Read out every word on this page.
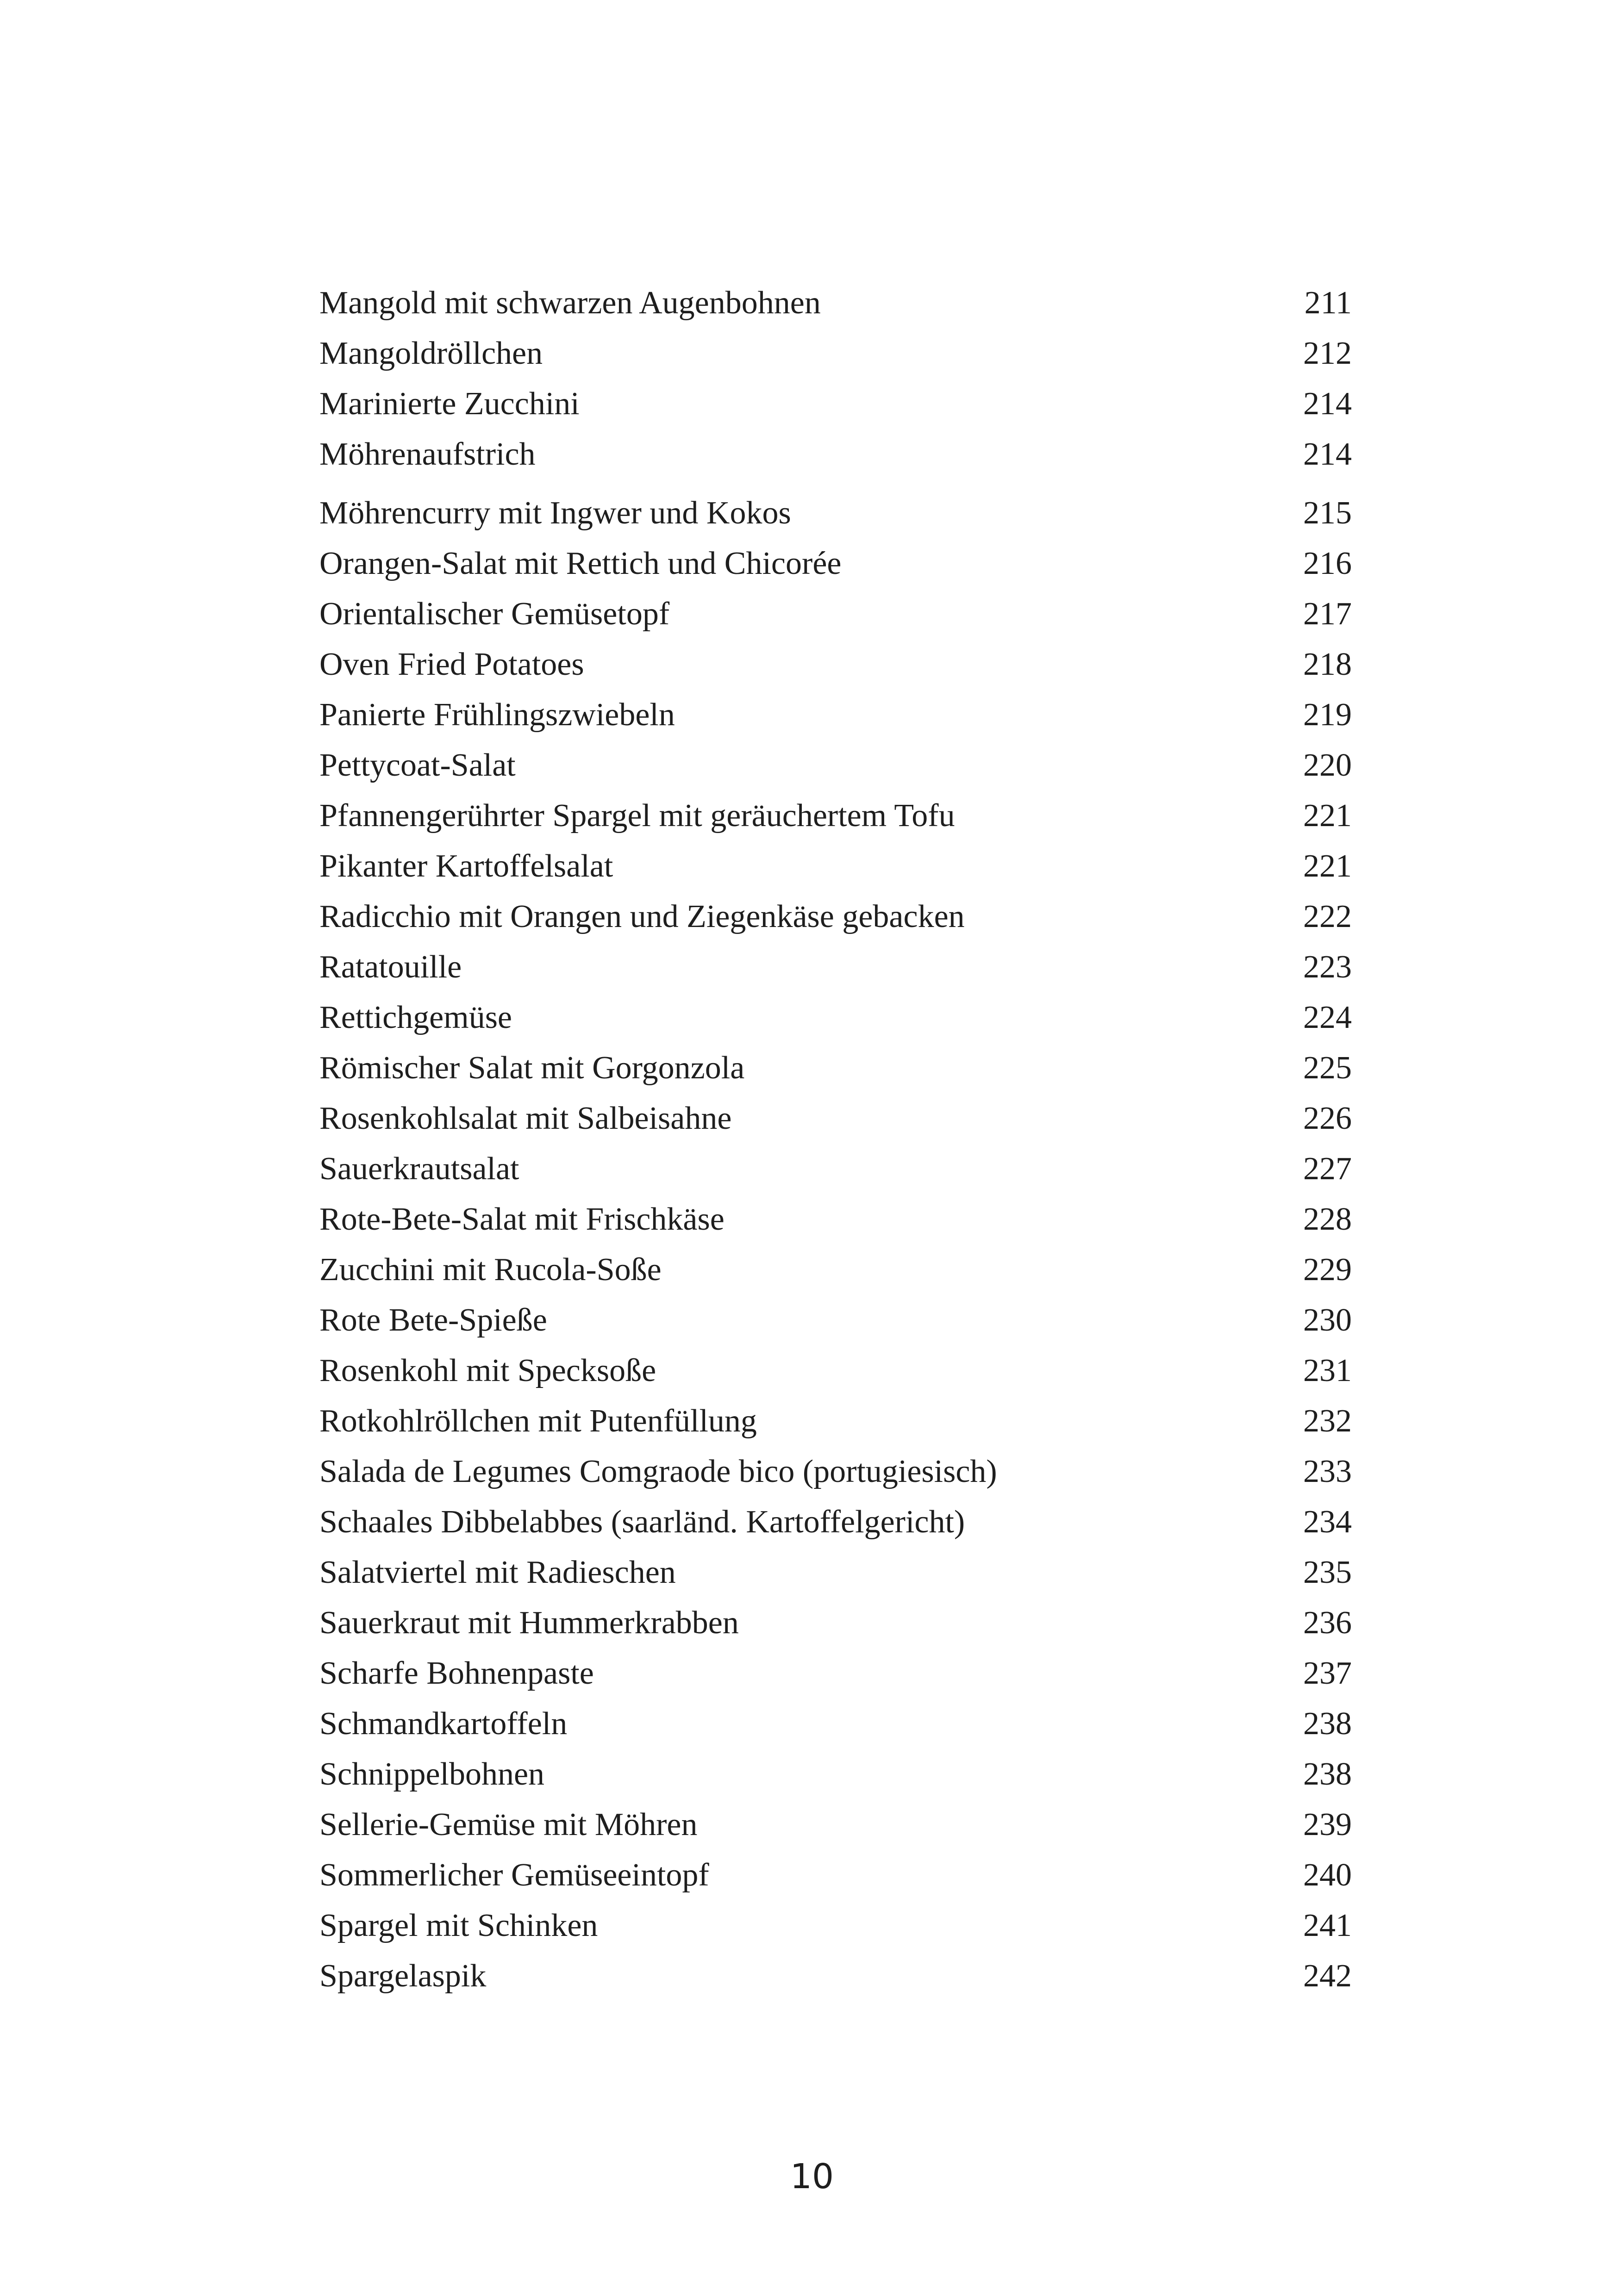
Mangold mit schwarzen Augenbohnen	211
Mangoldröllchen	212
Marinierte Zucchini	214
Möhrenaufstrich	214
Möhrencurry mit Ingwer und Kokos	215
Orangen-Salat mit Rettich und Chicorée	216
Orientalischer Gemüsetopf	217
Oven Fried Potatoes	218
Panierte Frühlingszwiebeln	219
Pettycoat-Salat	220
Pfannengerührter Spargel mit geräuchertem Tofu	221
Pikanter Kartoffelsalat	221
Radicchio mit Orangen und Ziegenkäse gebacken	222
Ratatouille	223
Rettichgemüse	224
Römischer Salat mit Gorgonzola	225
Rosenkohlsalat mit Salbeisahne	226
Sauerkrautsalat	227
Rote-Bete-Salat mit Frischkäse	228
Zucchini mit Rucola-Soße	229
Rote Bete-Spieße	230
Rosenkohl mit Specksoße	231
Rotkohlröllchen mit Putenfüllung	232
Salada de Legumes Comgraode bico (portugiesisch)	233
Schaales Dibbelabbes (saarländ. Kartoffelgericht)	234
Salatviertel mit Radieschen	235
Sauerkraut mit Hummerkrabben	236
Scharfe Bohnenpaste	237
Schmandkartoffeln	238
Schnippelbohnen	238
Sellerie-Gemüse mit Möhren	239
Sommerlicher Gemüseeintopf	240
Spargel mit Schinken	241
Spargelaspik	242
10
